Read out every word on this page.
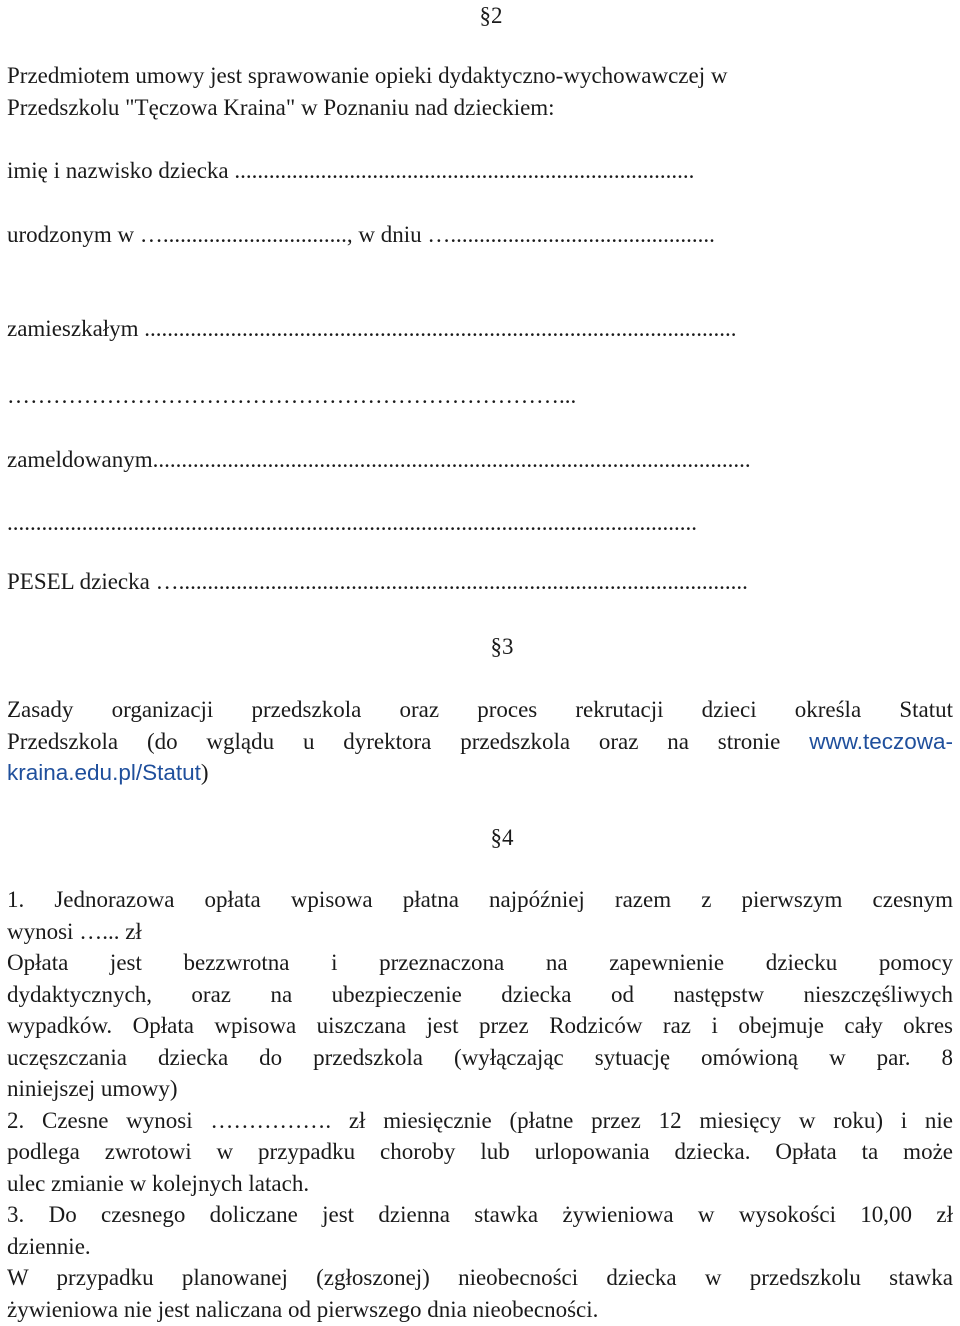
§2
Przedmiotem umowy jest sprawowanie opieki dydaktyczno-wychowawczej w
Przedszkolu "Tęczowa Kraina" w Poznaniu nad dzieckiem:
imię i nazwisko dziecka ................................................................................
urodzonym w …................................, w dniu …..............................................
zamieszkałym .......................................................................................................
………………………………………………………………...
zameldowanym........................................................................................................
........................................................................................................................
PESEL dziecka …...................................................................................................
§3
Zasady organizacji przedszkola oraz proces rekrutacji dzieci określa Statut
Przedszkola (do wglądu u dyrektora przedszkola oraz na stronie www.teczowa-
kraina.edu.pl/Statut)
§4
1. Jednorazowa opłata wpisowa płatna najpóźniej razem z pierwszym czesnym
wynosi …... zł
Opłata jest bezzwrotna i przeznaczona na zapewnienie dziecku pomocy
dydaktycznych, oraz na ubezpieczenie dziecka od następstw nieszczęśliwych
wypadków. Opłata wpisowa uiszczana jest przez Rodziców raz i obejmuje cały okres
uczęszczania dziecka do przedszkola (wyłączając sytuację omówioną w par. 8
niniejszej umowy)
2. Czesne wynosi ……………. zł miesięcznie (płatne przez 12 miesięcy w roku) i nie
podlega zwrotowi w przypadku choroby lub urlopowania dziecka. Opłata ta może
ulec zmianie w kolejnych latach.
3. Do czesnego doliczane jest dzienna stawka żywieniowa w wysokości 10,00 zł
dziennie.
W przypadku planowanej (zgłoszonej) nieobecności dziecka w przedszkolu stawka
żywieniowa nie jest naliczana od pierwszego dnia nieobecności.
